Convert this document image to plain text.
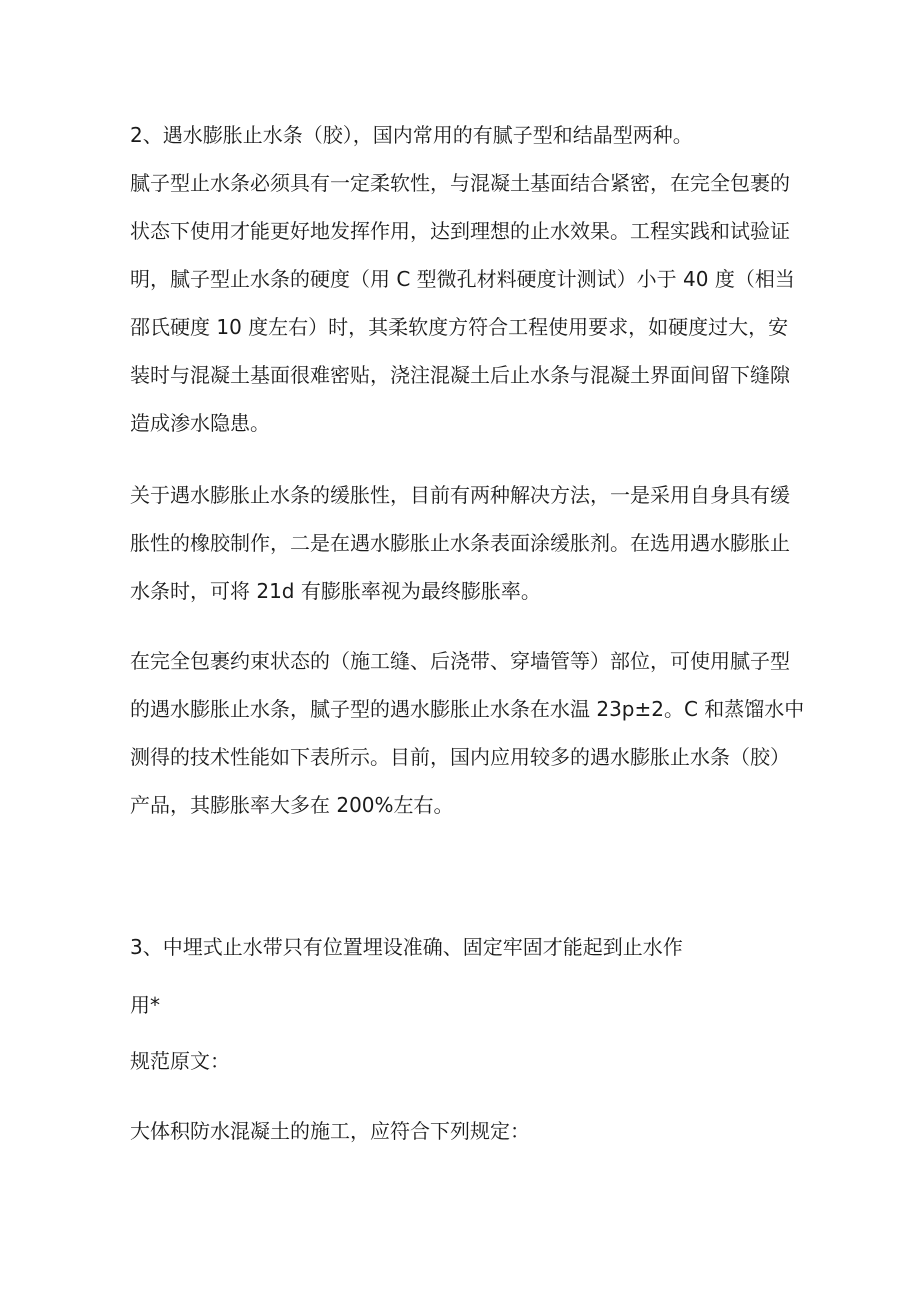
2、遇水膨胀止水条（胶），国内常用的有腻子型和结晶型两种。
腻子型止水条必须具有一定柔软性，与混凝土基面结合紧密，在完全包裹的
状态下使用才能更好地发挥作用，达到理想的止水效果。工程实践和试验证
明，腻子型止水条的硬度（用 C 型微孔材料硬度计测试）小于 40 度（相当
邵氏硬度 10 度左右）时，其柔软度方符合工程使用要求，如硬度过大，安
装时与混凝土基面很难密贴，浇注混凝土后止水条与混凝土界面间留下缝隙
造成渗水隐患。
关于遇水膨胀止水条的缓胀性，目前有两种解决方法，一是采用自身具有缓
胀性的橡胶制作，二是在遇水膨胀止水条表面涂缓胀剂。在选用遇水膨胀止
水条时，可将 21d 有膨胀率视为最终膨胀率。
在完全包裹约束状态的（施工缝、后浇带、穿墙管等）部位，可使用腻子型
的遇水膨胀止水条，腻子型的遇水膨胀止水条在水温 23p±2。C 和蒸馏水中
测得的技术性能如下表所示。目前，国内应用较多的遇水膨胀止水条（胶）
产品，其膨胀率大多在 200%左右。
3、中埋式止水带只有位置埋设准确、固定牢固才能起到止水作
用*
规范原文：
大体积防水混凝土的施工，应符合下列规定：
